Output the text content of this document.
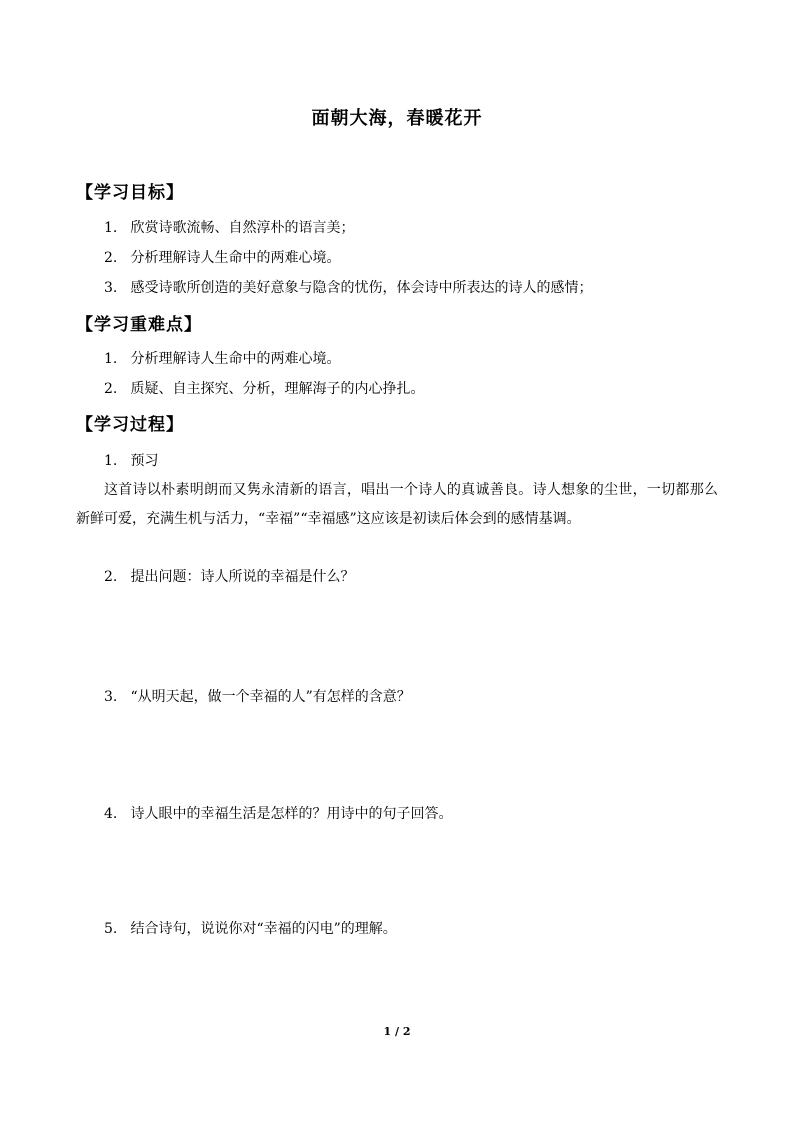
面朝大海，春暖花开
【学习目标】
1. 欣赏诗歌流畅、自然淳朴的语言美；
2. 分析理解诗人生命中的两难心境。
3. 感受诗歌所创造的美好意象与隐含的忧伤，体会诗中所表达的诗人的感情；
【学习重难点】
1. 分析理解诗人生命中的两难心境。
2. 质疑、自主探究、分析，理解海子的内心挣扎。
【学习过程】
1. 预习
这首诗以朴素明朗而又隽永清新的语言，唱出一个诗人的真诚善良。诗人想象的尘世，一切都那么新鲜可爱，充满生机与活力，“幸福”“幸福感”这应该是初读后体会到的感情基调。
2. 提出问题：诗人所说的幸福是什么？
3. “从明天起，做一个幸福的人”有怎样的含意？
4. 诗人眼中的幸福生活是怎样的？用诗中的句子回答。
5. 结合诗句，说说你对“幸福的闪电”的理解。
1 / 2
